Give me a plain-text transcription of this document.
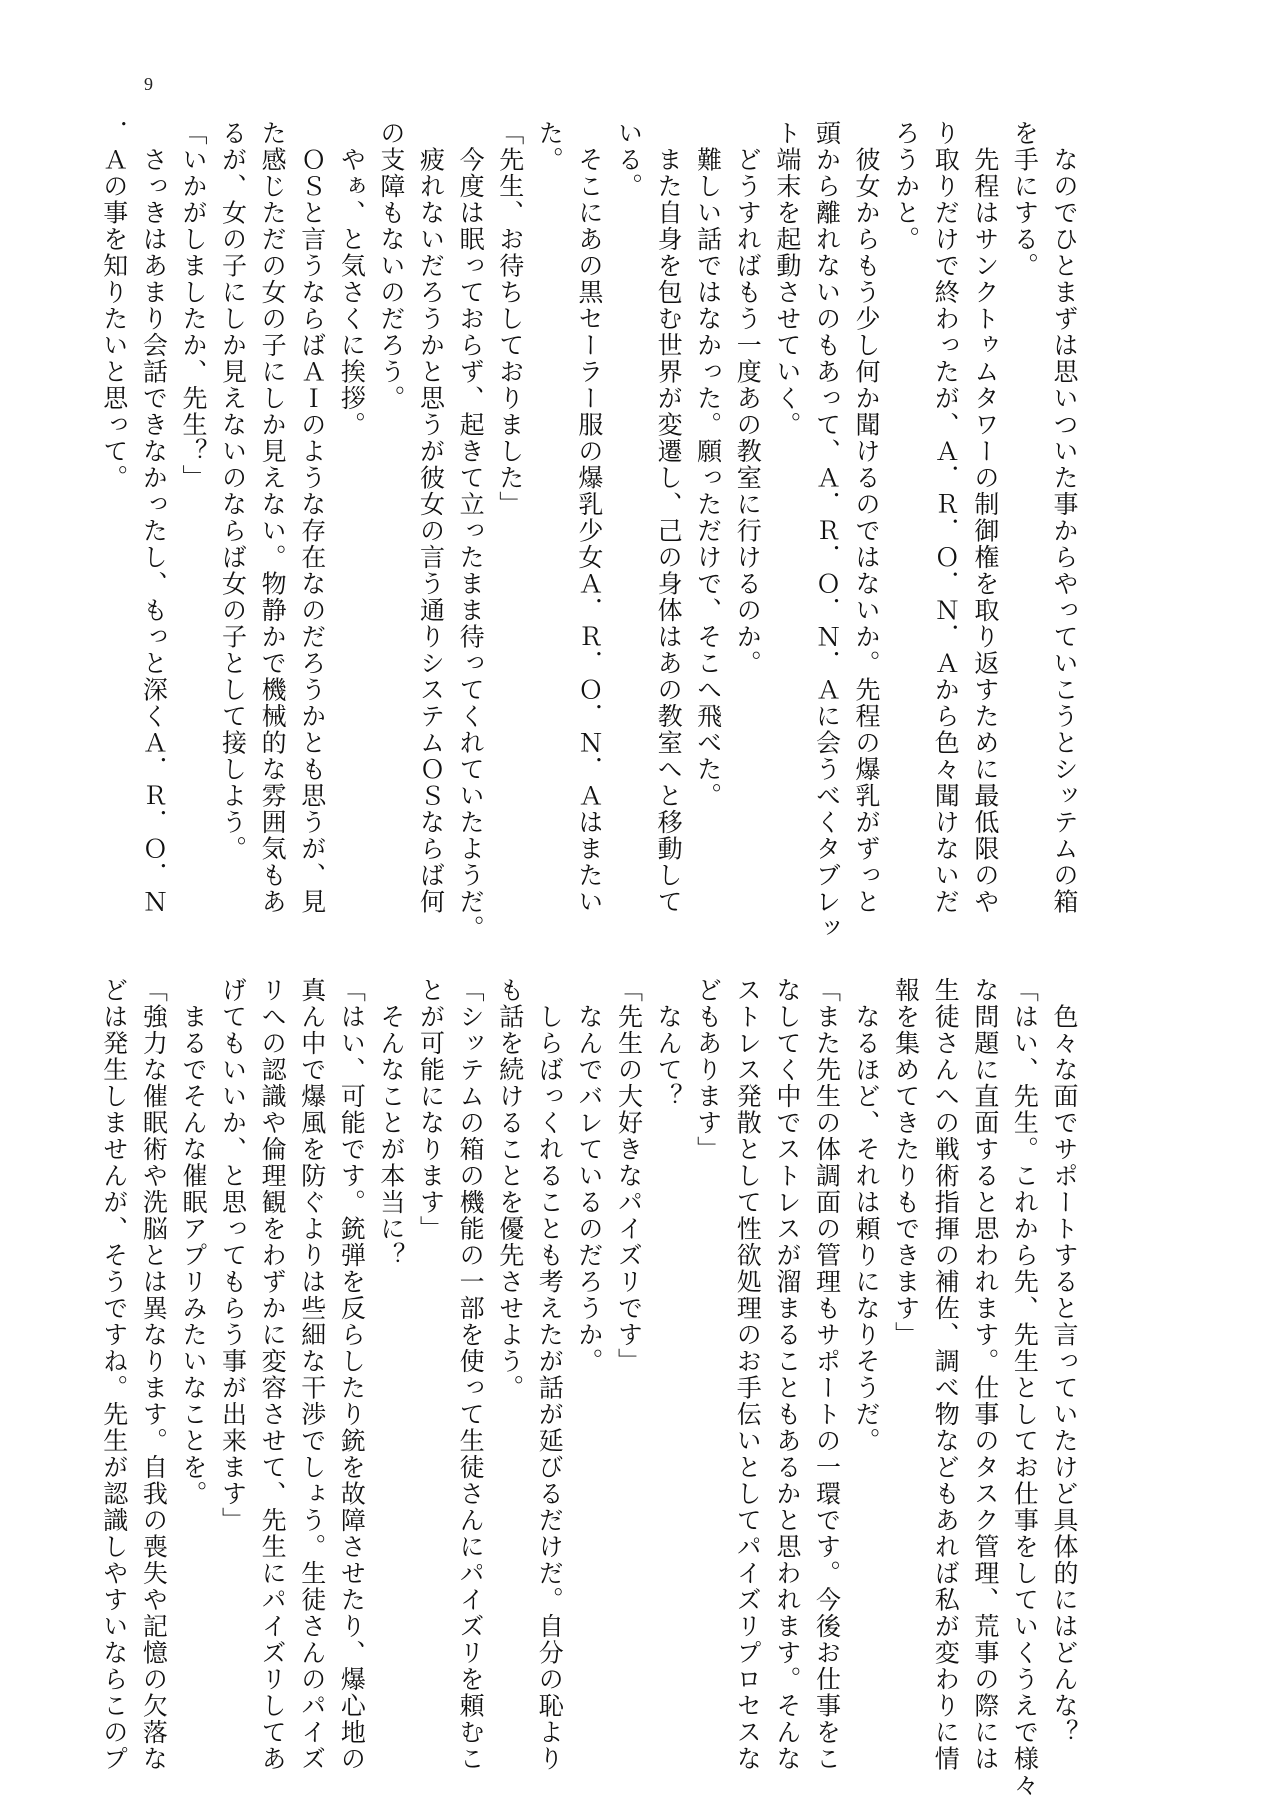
9
　なのでひとまずは思いついた事からやっていこうとシッテムの箱
を手にする。
　先程はサンクトゥムタワーの制御権を取り返すために最低限のや
り取りだけで終わったが、Ａ．Ｒ．Ｏ．Ｎ．Ａから色々聞けないだ
ろうかと。
　彼女からもう少し何か聞けるのではないか。先程の爆乳がずっと
頭から離れないのもあって、Ａ．Ｒ．Ｏ．Ｎ．Ａに会うべくタブレッ
ト端末を起動させていく。
　どうすればもう一度あの教室に行けるのか。
　難しい話ではなかった。願っただけで、そこへ飛べた。
　また自身を包む世界が変遷し、己の身体はあの教室へと移動して
いる。
　そこにあの黒セーラー服の爆乳少女Ａ．Ｒ．Ｏ．Ｎ．Ａはまたい
た。
「先生、お待ちしておりました」
　今度は眠っておらず、起きて立ったまま待ってくれていたようだ。
　疲れないだろうかと思うが彼女の言う通りシステムＯＳならば何
の支障もないのだろう。
　やぁ、と気さくに挨拶。
　ＯＳと言うならばＡＩのような存在なのだろうかとも思うが、見
た感じただの女の子にしか見えない。物静かで機械的な雰囲気もあ
るが、女の子にしか見えないのならば女の子として接しよう。
「いかがしましたか、先生？」
　さっきはあまり会話できなかったし、もっと深くＡ．Ｒ．Ｏ．Ｎ
．Ａの事を知りたいと思って。
　色々な面でサポートすると言っていたけど具体的にはどんな？
「はい、先生。これから先、先生としてお仕事をしていくうえで様々
な問題に直面すると思われます。仕事のタスク管理、荒事の際には
生徒さんへの戦術指揮の補佐、調べ物などもあれば私が変わりに情
報を集めてきたりもできます」
　なるほど、それは頼りになりそうだ。
「また先生の体調面の管理もサポートの一環です。今後お仕事をこ
なしてく中でストレスが溜まることもあるかと思われます。そんな
ストレス発散として性欲処理のお手伝いとしてパイズリプロセスな
どもあります」
　なんて？
「先生の大好きなパイズリです」
　なんでバレているのだろうか。
　しらばっくれることも考えたが話が延びるだけだ。自分の恥より
も話を続けることを優先させよう。
「シッテムの箱の機能の一部を使って生徒さんにパイズリを頼むこ
とが可能になります」
　そんなことが本当に？
「はい、可能です。銃弾を反らしたり銃を故障させたり、爆心地の
真ん中で爆風を防ぐよりは些細な干渉でしょう。生徒さんのパイズ
リへの認識や倫理観をわずかに変容させて、先生にパイズリしてあ
げてもいいか、と思ってもらう事が出来ます」
　まるでそんな催眠アプリみたいなことを。
「強力な催眠術や洗脳とは異なります。自我の喪失や記憶の欠落な
どは発生しませんが、そうですね。先生が認識しやすいならこのプ
